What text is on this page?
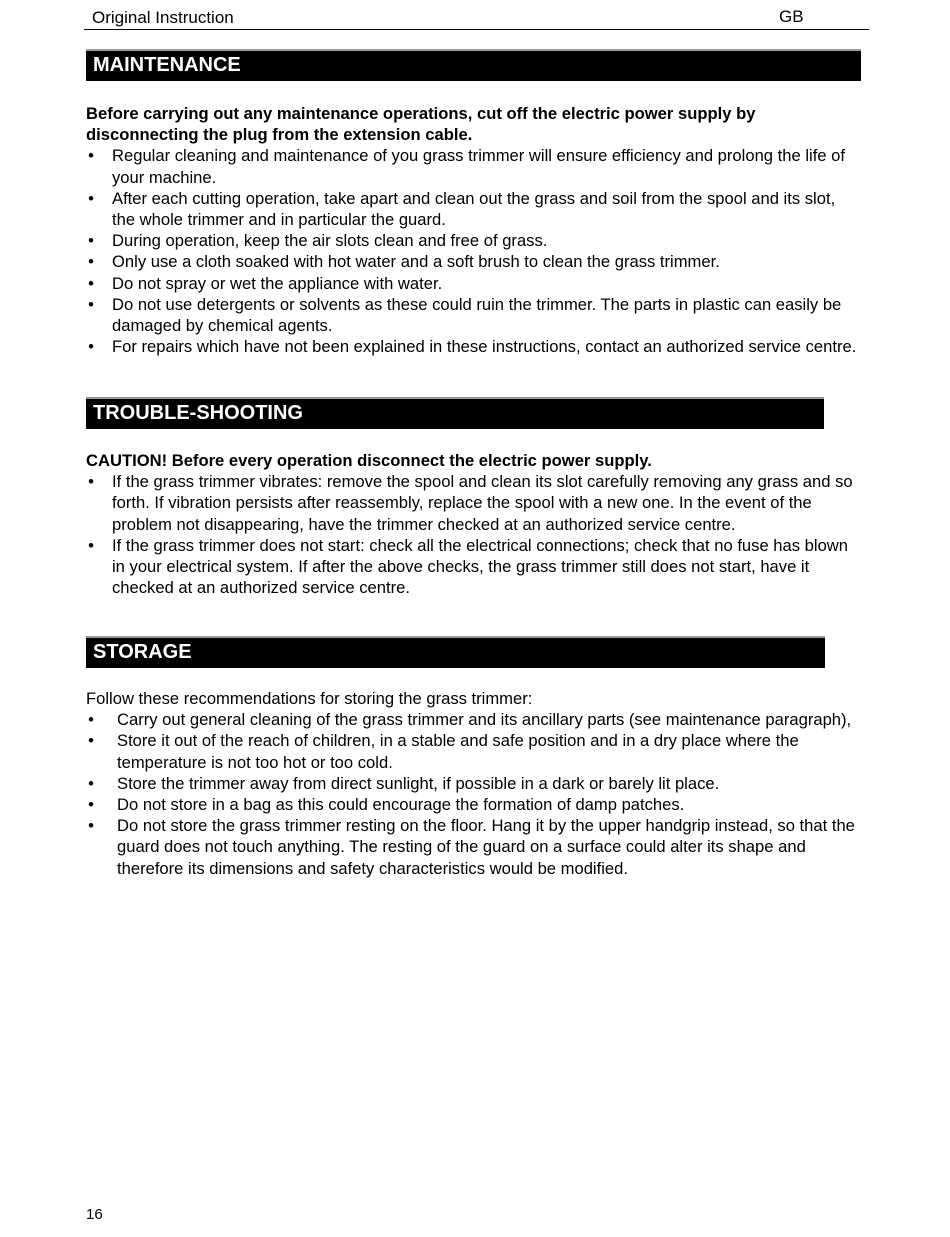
Original Instruction	GB
MAINTENANCE
Before carrying out any maintenance operations, cut off the electric power supply by disconnecting the plug from the extension cable.
• Regular cleaning and maintenance of you grass trimmer will ensure efficiency and prolong the life of your machine.
• After each cutting operation, take apart and clean out the grass and soil from the spool and its slot, the whole trimmer and in particular the guard.
• During operation, keep the air slots clean and free of grass.
• Only use a cloth soaked with hot water and a soft brush to clean the grass trimmer.
• Do not spray or wet the appliance with water.
• Do not use detergents or solvents as these could ruin the trimmer. The parts in plastic can easily be damaged by chemical agents.
• For repairs which have not been explained in these instructions, contact an authorized service centre.
TROUBLE-SHOOTING
CAUTION! Before every operation disconnect the electric power supply.
• If the grass trimmer vibrates: remove the spool and clean its slot carefully removing any grass and so forth. If vibration persists after reassembly, replace the spool with a new one. In the event of the problem not disappearing, have the trimmer checked at an authorized service centre.
• If the grass trimmer does not start: check all the electrical connections; check that no fuse has blown in your electrical system. If after the above checks, the grass trimmer still does not start, have it checked at an authorized service centre.
STORAGE
Follow these recommendations for storing the grass trimmer:
• Carry out general cleaning of the grass trimmer and its ancillary parts (see maintenance paragraph),
• Store it out of the reach of children, in a stable and safe position and in a dry place where the temperature is not too hot or too cold.
• Store the trimmer away from direct sunlight, if possible in a dark or barely lit place.
• Do not store in a bag as this could encourage the formation of damp patches.
• Do not store the grass trimmer resting on the floor. Hang it by the upper handgrip instead, so that the guard does not touch anything. The resting of the guard on a surface could alter its shape and therefore its dimensions and safety characteristics would be modified.
16
